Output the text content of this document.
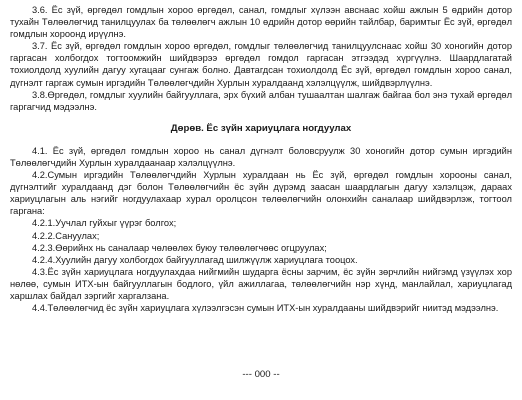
3.6. Ёс зүй, өргөдөл гомдлын хороо өргөдөл, санал, гомдлыг хүлээн авснаас хойш ажлын 5 өдрийн дотор тухайн Төлөөлөгчид танилцуулах ба төлөөлөгч ажлын 10 өдрийн дотор өөрийн тайлбар, баримтыг Ёс зүй, өргөдөл гомдлын хороонд ирүүлнэ.

3.7. Ёс зүй, өргөдөл гомдлын хороо өргөдөл, гомдлыг төлөөлөгчид танилцуулснаас хойш 30 хоногийн дотор гаргасан холбогдох тогтоомжийн шийдвэрээ өргөдөл гомдол гаргасан этгээдэд хүргүүлнэ. Шаардлагатай тохиолдолд хуулийн дагуу хугацааг сунгаж болно. Давтагдсан тохиолдолд Ёс зүй, өргөдөл гомдлын хороо санал, дүгнэлт гаргаж сумын иргэдийн Төлөөлөгчдийн Хурлын хуралдаанд хэлэлцүүлж, шийдвэрлүүлнэ.

3.8.Өргөдөл, гомдлыг хуулийн байгууллага, эрх бүхий албан тушаалтан шалгаж байгаа бол энэ тухай өргөдөл гаргагчид мэдээлнэ.

Дөрөв. Ёс зүйн хариуцлага ногдуулах

4.1. Ёс зүй, өргөдөл гомдлын хороо нь санал дүгнэлт боловсруулж 30 хоногийн дотор сумын иргэдийн Төлөөлөгчдийн Хурлын хуралдаанаар хэлэлцүүлнэ.

4.2.Сумын иргэдийн Төлөөлөгчдийн Хурлын хуралдаан нь Ёс зүй, өргөдөл гомдлын хорооны санал, дүгнэлтийг хуралдаанд дэг болон Төлөөлөгчийн ёс зүйн дүрэмд заасан шаардлагын дагуу хэлэлцэж, дараах хариуцлагын аль нэгийг ногдуулахаар хурал оролцсон төлөөлөгчийн олонхийн саналаар шийдвэрлэж, тогтоол гаргана:

4.2.1.Уучлал гуйхыг үүрэг болгох;

4.2.2.Сануулах;

4.2.3.Өөрийнх нь саналаар чөлөөлөх буюу төлөөлөгчөөс огцруулах;

4.2.4.Хуулийн дагуу холбогдох байгууллагад шилжүүлж хариуцлага тооцох.

4.3.Ёс зүйн хариуцлага ногдуулахдаа нийгмийн шударга ёсны зарчим, ёс зүйн зөрчлийн нийгэмд үзүүлэх хор нөлөө, сумын ИТХ-ын байгууллагын бодлого, үйл ажиллагаа, төлөөлөгчийн нэр хүнд, манлайлал, хариуцлагад харшлах байдал зэргийг харгалзана.

4.4.Төлөөлөгчид ёс зүйн хариуцлага хүлээлгэсэн сумын ИТХ-ын хуралдааны шийдвэрийг ниитэд мэдээлнэ.

--- 000 --
